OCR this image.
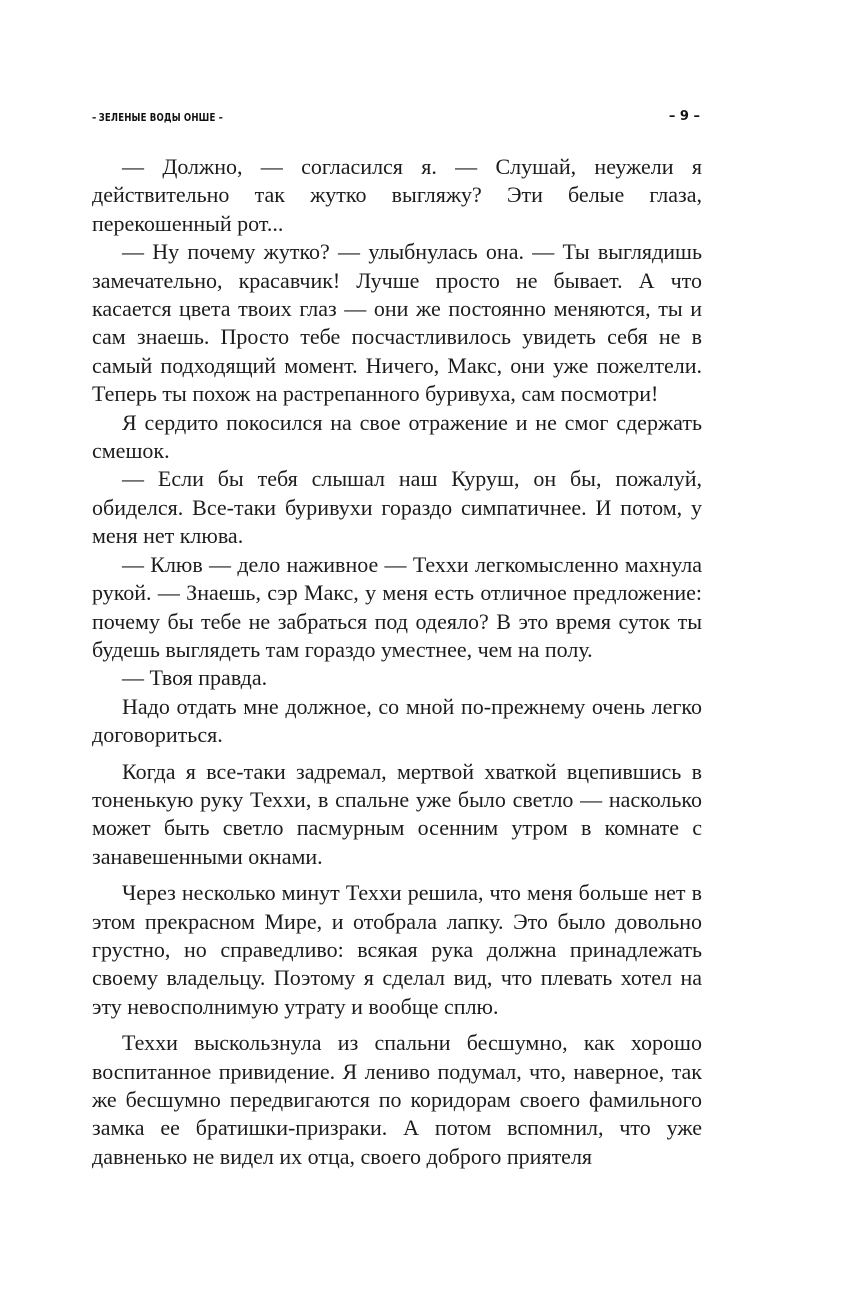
– ЗЕЛЕНЫЕ ВОДЫ ОНШЕ –	– 9 –

— Должно, — согласился я. — Слушай, неужели я действительно так жутко выгляжу? Эти белые глаза, перекошенный рот...

— Ну почему жутко? — улыбнулась она. — Ты выглядишь замечательно, красавчик! Лучше просто не бывает. А что касается цвета твоих глаз — они же постоянно меняются, ты и сам знаешь. Просто тебе посчастливилось увидеть себя не в самый подходящий момент. Ничего, Макс, они уже пожелтели. Теперь ты похож на растрепанного буривуха, сам посмотри!

Я сердито покосился на свое отражение и не смог сдержать смешок.

— Если бы тебя слышал наш Куруш, он бы, пожалуй, обиделся. Все-таки буривухи гораздо симпатичнее. И потом, у меня нет клюва.

— Клюв — дело наживное — Теххи легкомысленно махнула рукой. — Знаешь, сэр Макс, у меня есть отличное предложение: почему бы тебе не забраться под одеяло? В это время суток ты будешь выглядеть там гораздо уместнее, чем на полу.

— Твоя правда.

Надо отдать мне должное, со мной по-прежнему очень легко договориться.

Когда я все-таки задремал, мертвой хваткой вцепившись в тоненькую руку Теххи, в спальне уже было светло — насколько может быть светло пасмурным осенним утром в комнате с занавешенными окнами.

Через несколько минут Теххи решила, что меня больше нет в этом прекрасном Мире, и отобрала лапку. Это было довольно грустно, но справедливо: всякая рука должна принадлежать своему владельцу. Поэтому я сделал вид, что плевать хотел на эту невосполнимую утрату и вообще сплю.

Теххи выскользнула из спальни бесшумно, как хорошо воспитанное привидение. Я лениво подумал, что, наверное, так же бесшумно передвигаются по коридорам своего фамильного замка ее братишки-призраки. А потом вспомнил, что уже давненько не видел их отца, своего доброго приятеля
